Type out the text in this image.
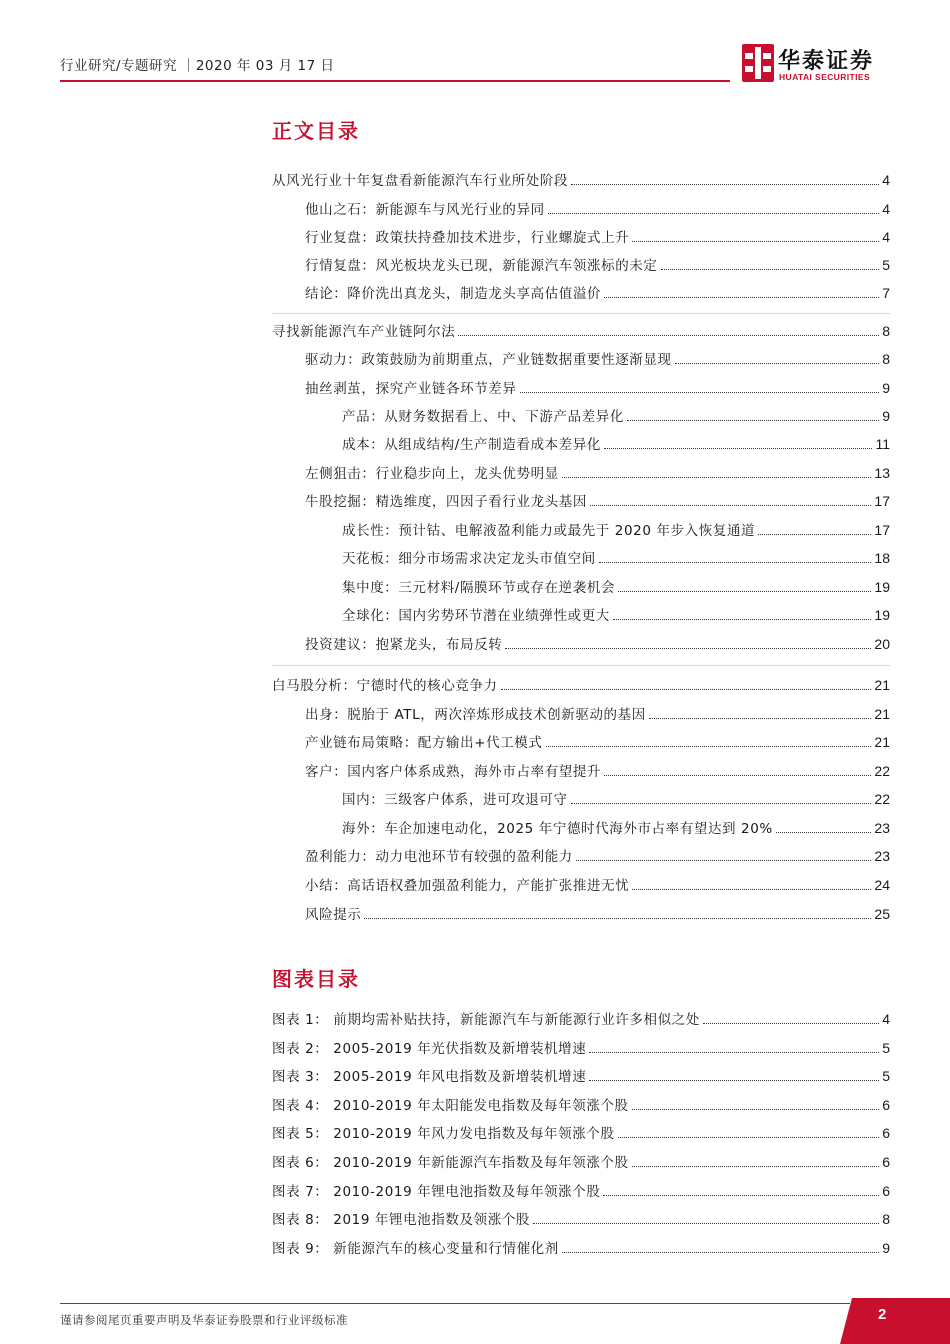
行业研究/专题研究 ｜2020 年 03 月 17 日	华泰证券
HUATAI SECURITIES
正文目录
从风光行业十年复盘看新能源汽车行业所处阶段	4
他山之石：新能源车与风光行业的异同	4
行业复盘：政策扶持叠加技术进步，行业螺旋式上升	4
行情复盘：风光板块龙头已现，新能源汽车领涨标的未定	5
结论：降价洗出真龙头，制造龙头享高估值溢价	7
寻找新能源汽车产业链阿尔法	8
驱动力：政策鼓励为前期重点，产业链数据重要性逐渐显现	8
抽丝剥茧，探究产业链各环节差异	9
产品：从财务数据看上、中、下游产品差异化	9
成本：从组成结构/生产制造看成本差异化	11
左侧狙击：行业稳步向上，龙头优势明显	13
牛股挖掘：精选维度，四因子看行业龙头基因	17
成长性：预计钴、电解液盈利能力或最先于 2020 年步入恢复通道	17
天花板：细分市场需求决定龙头市值空间	18
集中度：三元材料/隔膜环节或存在逆袭机会	19
全球化：国内劣势环节潜在业绩弹性或更大	19
投资建议：抱紧龙头，布局反转	20
白马股分析：宁德时代的核心竞争力	21
出身：脱胎于 ATL，两次淬炼形成技术创新驱动的基因	21
产业链布局策略：配方输出+代工模式	21
客户：国内客户体系成熟，海外市占率有望提升	22
国内：三级客户体系，进可攻退可守	22
海外：车企加速电动化，2025 年宁德时代海外市占率有望达到 20%	23
盈利能力：动力电池环节有较强的盈利能力	23
小结：高话语权叠加强盈利能力，产能扩张推进无忧	24
风险提示	25
图表目录
图表 1： 前期均需补贴扶持，新能源汽车与新能源行业许多相似之处	4
图表 2： 2005-2019 年光伏指数及新增装机增速	5
图表 3： 2005-2019 年风电指数及新增装机增速	5
图表 4： 2010-2019 年太阳能发电指数及每年领涨个股	6
图表 5： 2010-2019 年风力发电指数及每年领涨个股	6
图表 6： 2010-2019 年新能源汽车指数及每年领涨个股	6
图表 7： 2010-2019 年锂电池指数及每年领涨个股	6
图表 8： 2019 年锂电池指数及领涨个股	8
图表 9： 新能源汽车的核心变量和行情催化剂	9
谨请参阅尾页重要声明及华泰证券股票和行业评级标准	2
